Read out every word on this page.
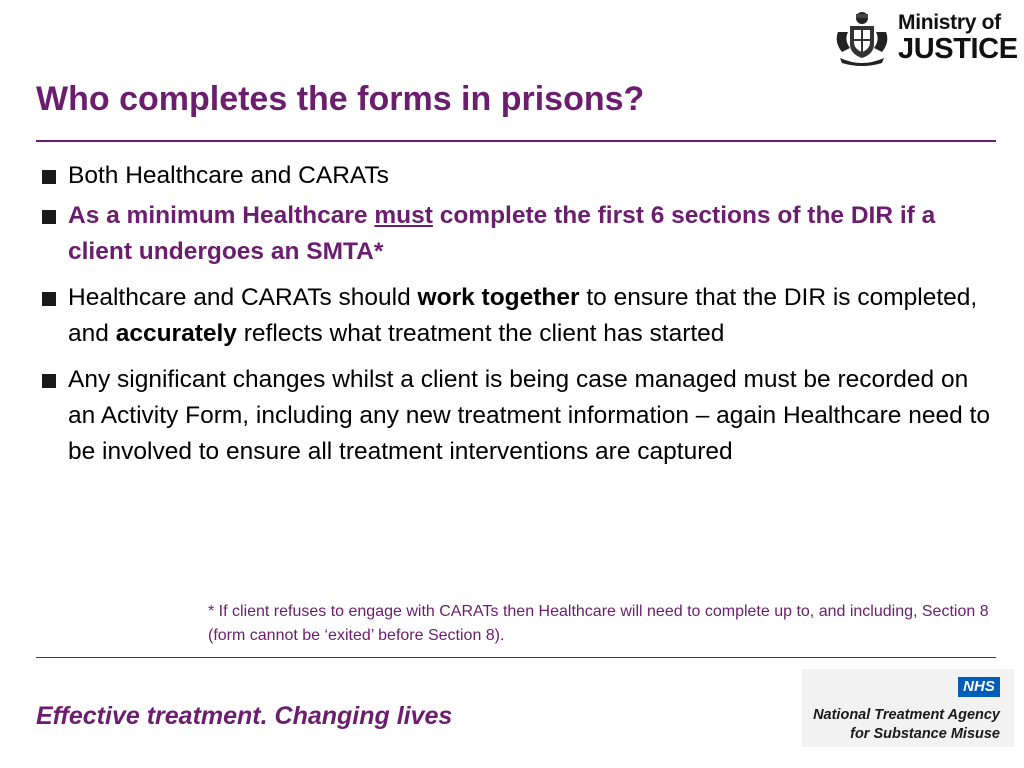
Ministry of
JUSTICE
Who completes the forms in prisons?
Both Healthcare and CARATs
As a minimum Healthcare must complete the first 6 sections of the DIR if a client undergoes an SMTA*
Healthcare and CARATs should work together to ensure that the DIR is completed, and accurately reflects what treatment the client has started
Any significant changes whilst a client is being case managed must be recorded on an Activity Form, including any new treatment information – again Healthcare need to be involved to ensure all treatment interventions are captured
* If client refuses to engage with CARATs then Healthcare will need to complete up to, and including, Section 8 (form cannot be ‘exited’ before Section 8).
Effective treatment. Changing lives
NHS
National Treatment Agency
for Substance Misuse
